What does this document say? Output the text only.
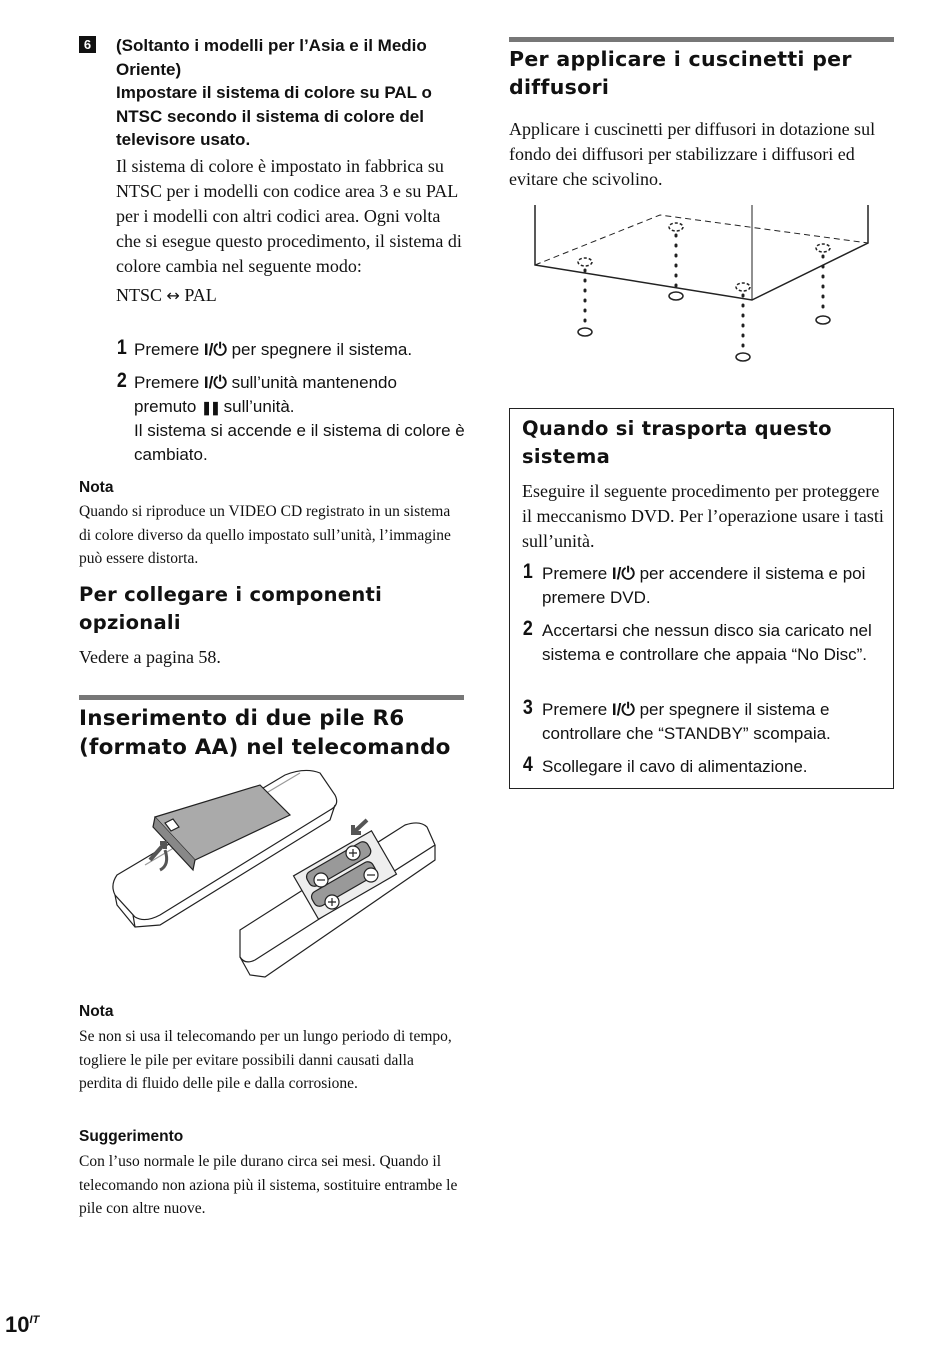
6 (Soltanto i modelli per l’Asia e il Medio Oriente)
Impostare il sistema di colore su PAL o NTSC secondo il sistema di colore del televisore usato.
Il sistema di colore è impostato in fabbrica su NTSC per i modelli con codice area 3 e su PAL per i modelli con altri codici area. Ogni volta che si esegue questo procedimento, il sistema di colore cambia nel seguente modo:
NTSC ↔ PAL
1 Premere I/⏻ per spegnere il sistema.
2 Premere I/⏻ sull’unità mantenendo
premuto ❚❚ sull’unità.
Il sistema si accende e il sistema di colore è cambiato.
Nota
Quando si riproduce un VIDEO CD registrato in un sistema di colore diverso da quello impostato sull’unità, l’immagine può essere distorta.
Per collegare i componenti opzionali
Vedere a pagina 58.
Inserimento di due pile R6 (formato AA) nel telecomando
Nota
Se non si usa il telecomando per un lungo periodo di tempo, togliere le pile per evitare possibili danni causati dalla perdita di fluido delle pile e dalla corrosione.
Suggerimento
Con l’uso normale le pile durano circa sei mesi. Quando il telecomando non aziona più il sistema, sostituire entrambe le pile con altre nuove.
Per applicare i cuscinetti per diffusori
Applicare i cuscinetti per diffusori in dotazione sul fondo dei diffusori per stabilizzare i diffusori ed evitare che scivolino.
Quando si trasporta questo sistema
Eseguire il seguente procedimento per proteggere il meccanismo DVD. Per l’operazione usare i tasti sull’unità.
1 Premere I/⏻ per accendere il sistema e poi premere DVD.
2 Accertarsi che nessun disco sia caricato nel sistema e controllare che appaia “No Disc”.
3 Premere I/⏻ per spegnere il sistema e controllare che “STANDBY” scompaia.
4 Scollegare il cavo di alimentazione.
$10^{IT}$
